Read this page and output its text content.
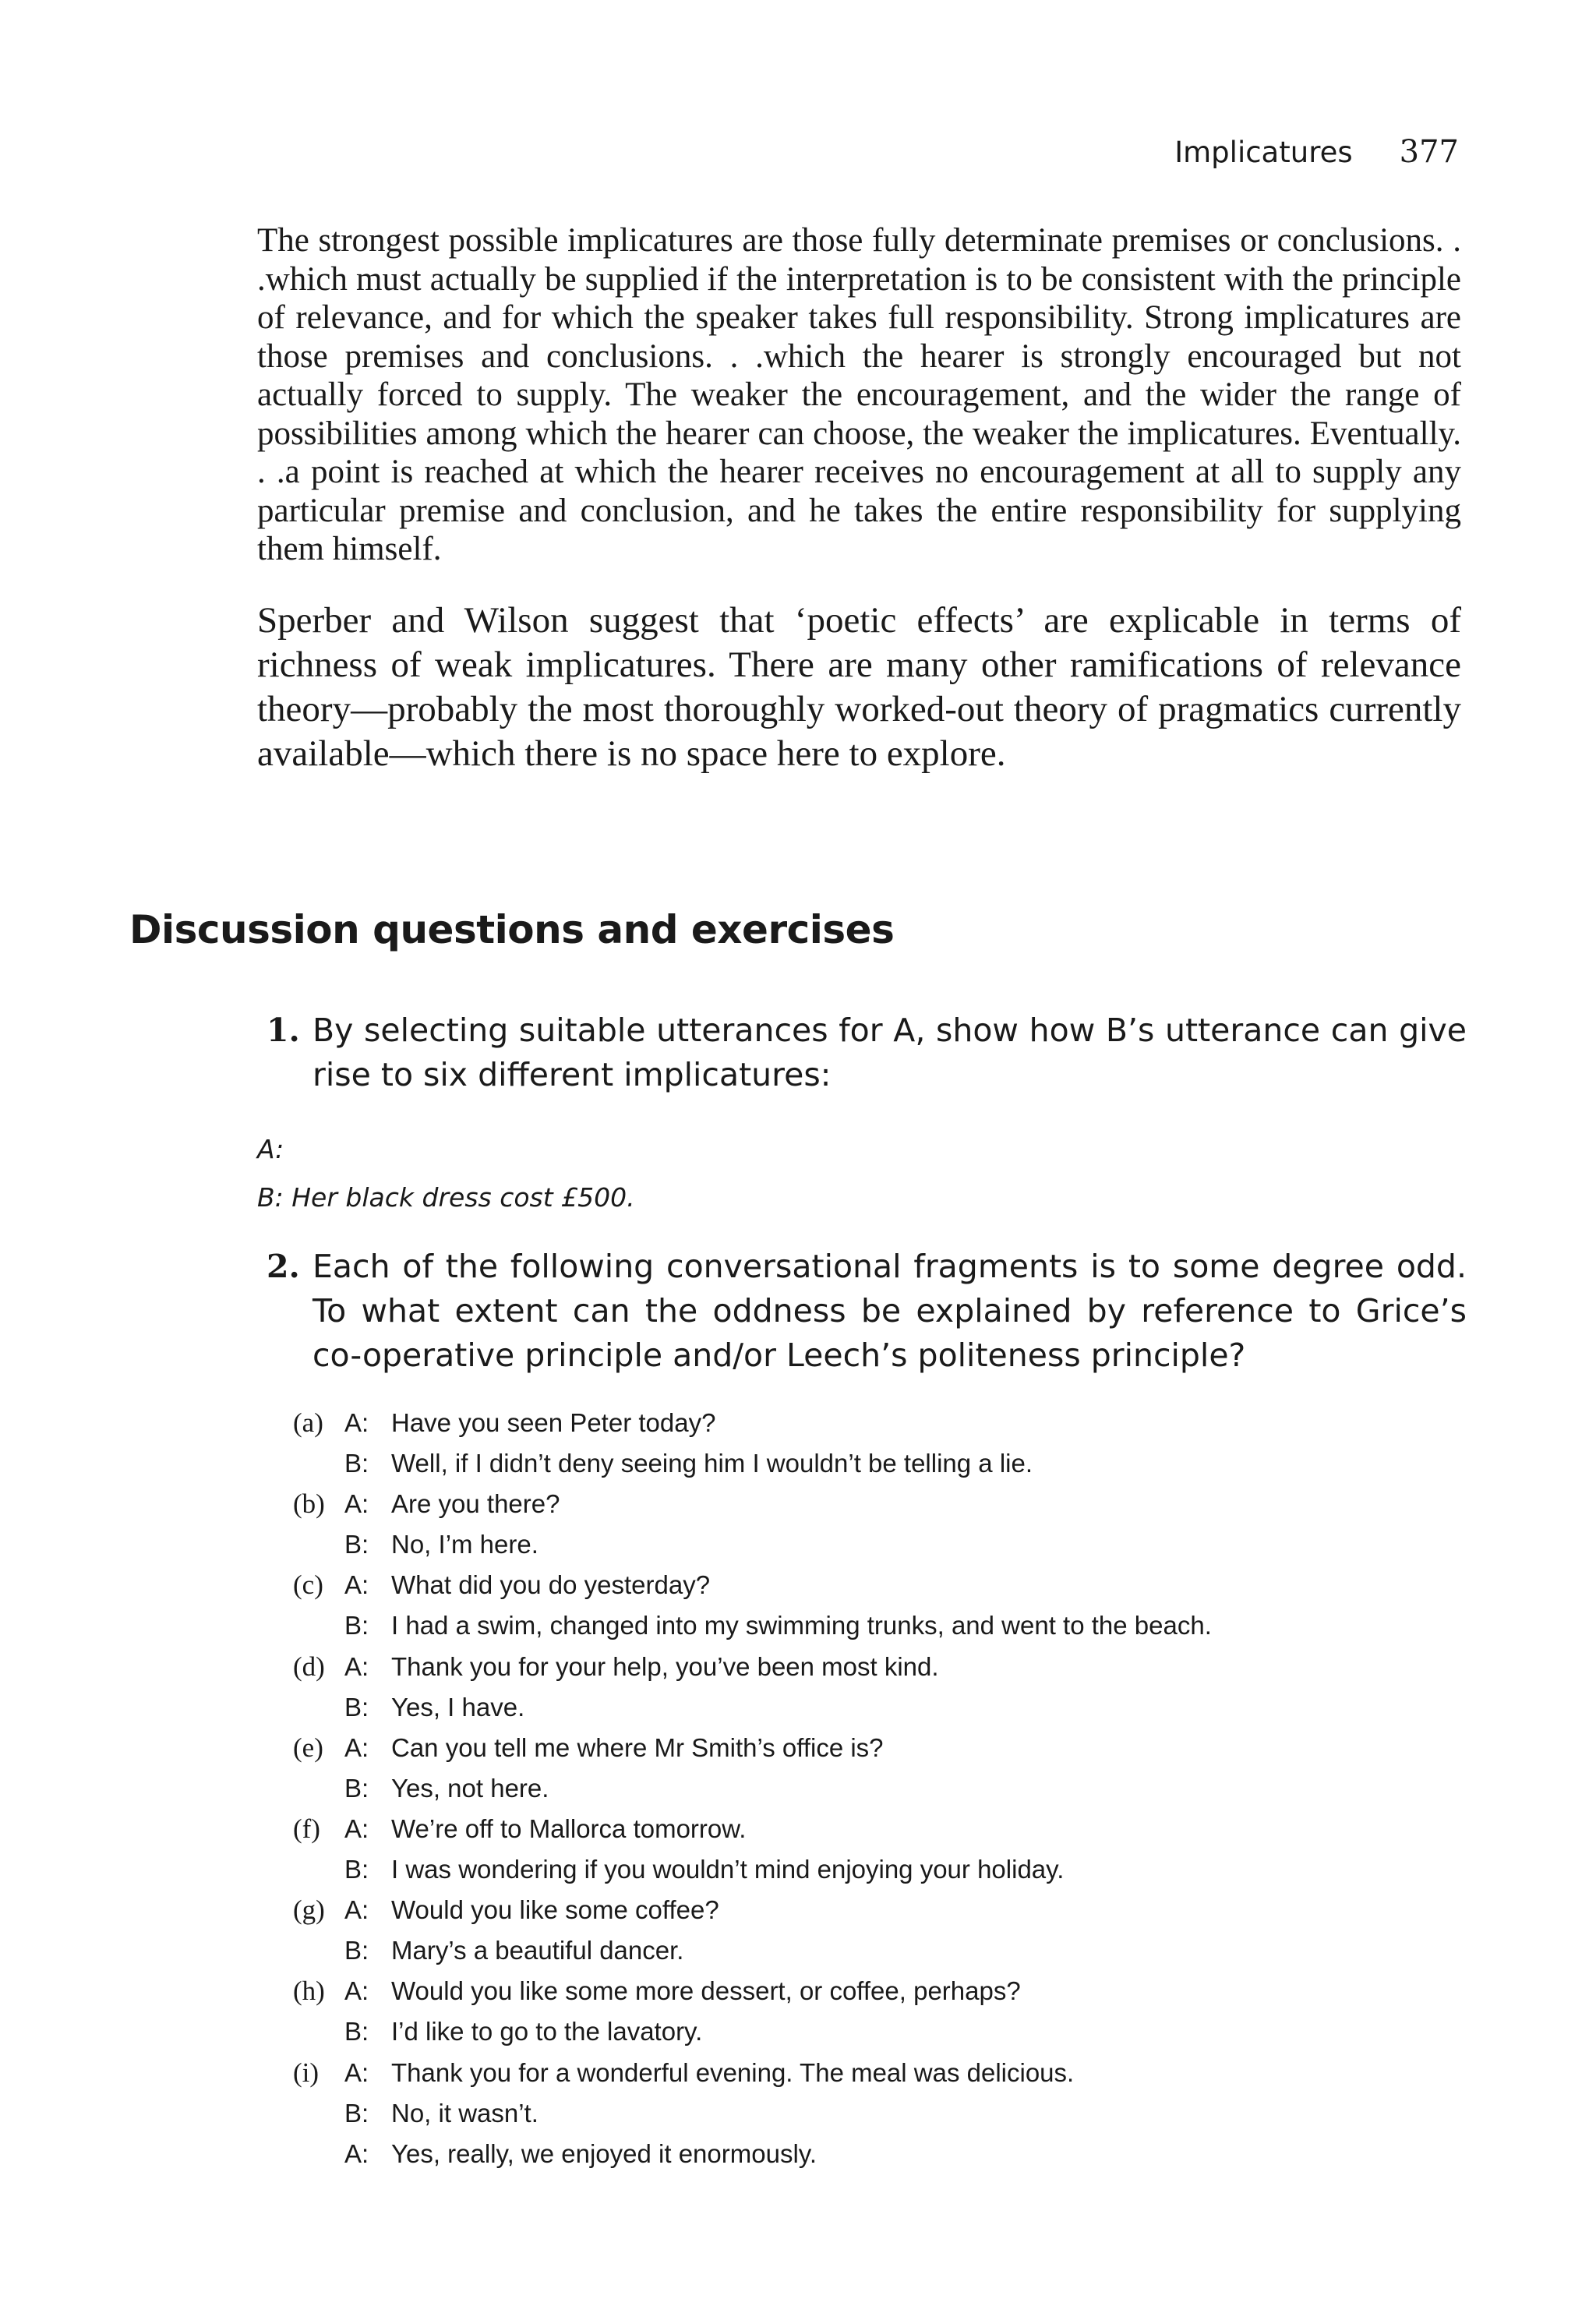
Implicatures 377

The strongest possible implicatures are those fully determinate premises or conclusions. . .which must actually be supplied if the interpretation is to be consistent with the principle of relevance, and for which the speaker takes full responsibility. Strong implicatures are those premises and conclusions. . .which the hearer is strongly encouraged but not actually forced to supply. The weaker the encouragement, and the wider the range of possibilities among which the hearer can choose, the weaker the implicatures. Eventually. . .a point is reached at which the hearer receives no encouragement at all to supply any particular premise and conclusion, and he takes the entire responsibility for supplying them himself.

Sperber and Wilson suggest that ‘poetic effects’ are explicable in terms of richness of weak implicatures. There are many other ramifications of relevance theory—probably the most thoroughly worked-out theory of pragmatics currently available—which there is no space here to explore.

Discussion questions and exercises
1. By selecting suitable utterances for A, show how B’s utterance can give rise to six different implicatures:
A:
B: Her black dress cost £500.
2. Each of the following conversational fragments is to some degree odd. To what extent can the oddness be explained by reference to Grice’s co-operative principle and/or Leech’s politeness principle?
(a) A: Have you seen Peter today?
B: Well, if I didn’t deny seeing him I wouldn’t be telling a lie.
(b) A: Are you there?
B: No, I’m here.
(c) A: What did you do yesterday?
B: I had a swim, changed into my swimming trunks, and went to the beach.
(d) A: Thank you for your help, you’ve been most kind.
B: Yes, I have.
(e) A: Can you tell me where Mr Smith’s office is?
B: Yes, not here.
(f) A: We’re off to Mallorca tomorrow.
B: I was wondering if you wouldn’t mind enjoying your holiday.
(g) A: Would you like some coffee?
B: Mary’s a beautiful dancer.
(h) A: Would you like some more dessert, or coffee, perhaps?
B: I’d like to go to the lavatory.
(i) A: Thank you for a wonderful evening. The meal was delicious.
B: No, it wasn’t.
A: Yes, really, we enjoyed it enormously.
